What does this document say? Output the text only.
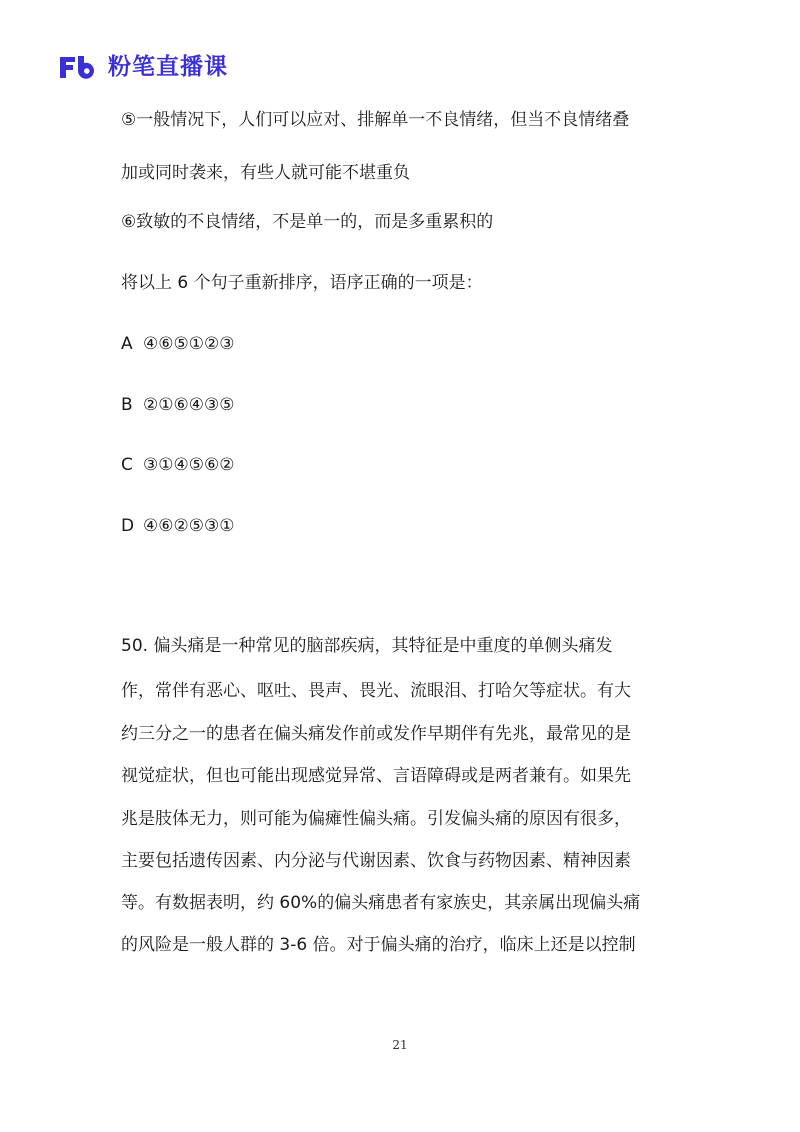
粉笔直播课
⑤一般情况下，人们可以应对、排解单一不良情绪，但当不良情绪叠
加或同时袭来，有些人就可能不堪重负
⑥致敏的不良情绪，不是单一的，而是多重累积的
将以上 6 个句子重新排序，语序正确的一项是：
A ④⑥⑤①②③
B ②①⑥④③⑤
C ③①④⑤⑥②
D ④⑥②⑤③①
50. 偏头痛是一种常见的脑部疾病，其特征是中重度的单侧头痛发
作，常伴有恶心、呕吐、畏声、畏光、流眼泪、打哈欠等症状。有大
约三分之一的患者在偏头痛发作前或发作早期伴有先兆，最常见的是
视觉症状，但也可能出现感觉异常、言语障碍或是两者兼有。如果先
兆是肢体无力，则可能为偏瘫性偏头痛。引发偏头痛的原因有很多，
主要包括遗传因素、内分泌与代谢因素、饮食与药物因素、精神因素
等。有数据表明，约 60%的偏头痛患者有家族史，其亲属出现偏头痛
的风险是一般人群的 3-6 倍。对于偏头痛的治疗，临床上还是以控制
21
